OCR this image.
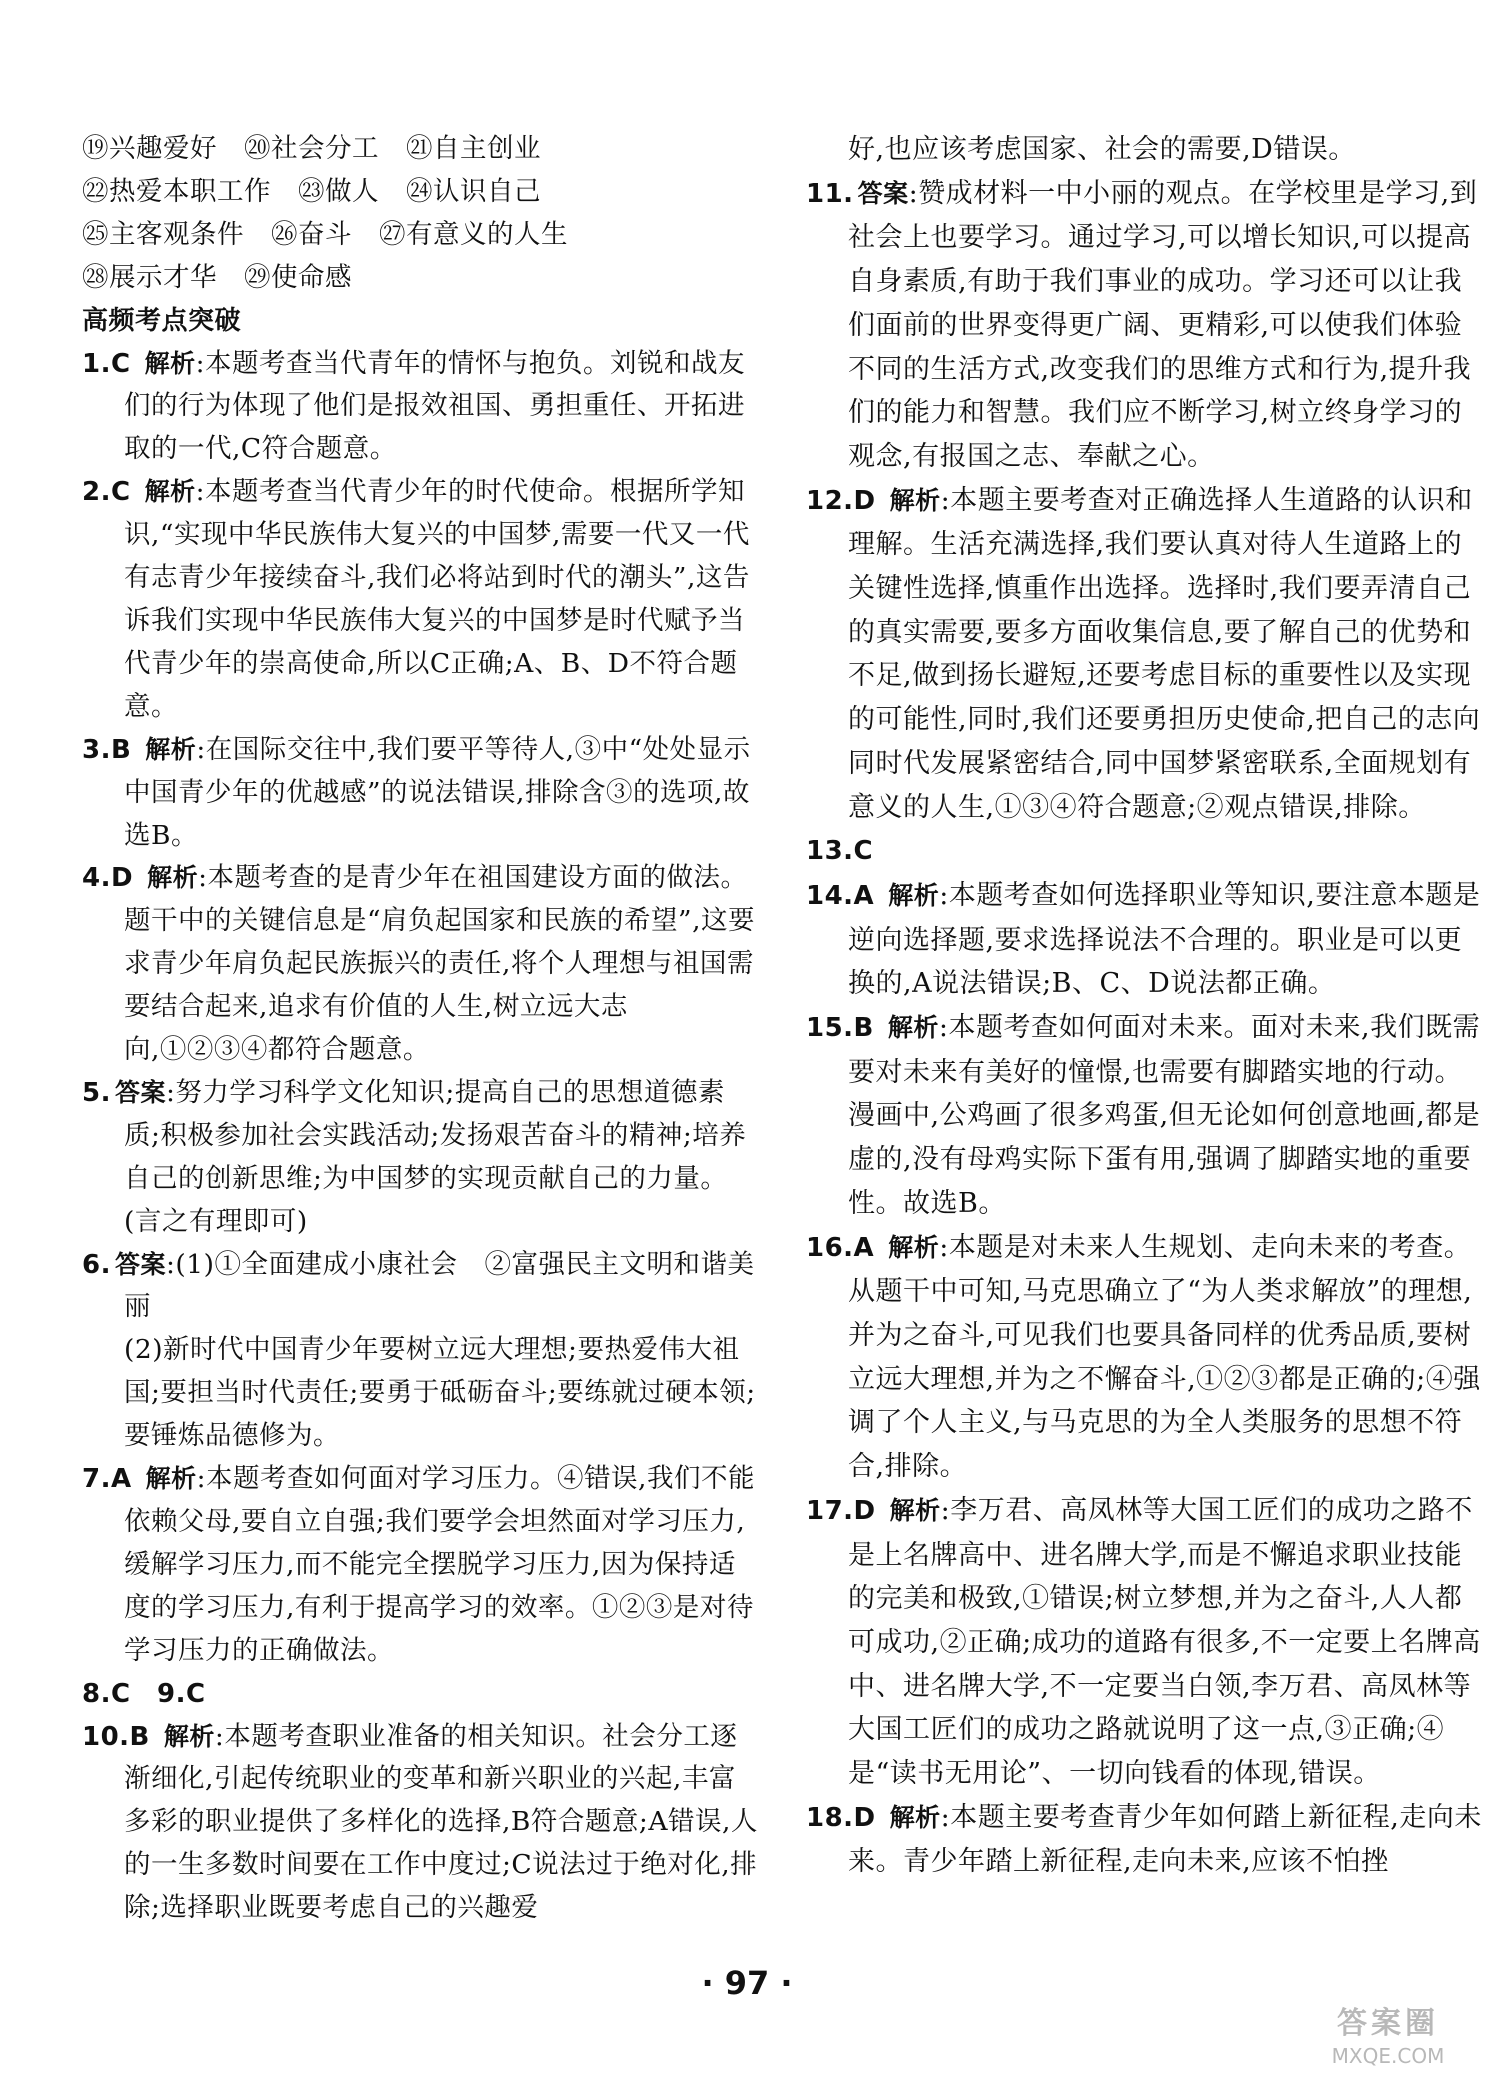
⑲兴趣爱好　⑳社会分工　㉑自主创业
㉒热爱本职工作　㉓做人　㉔认识自己
㉕主客观条件　㉖奋斗　㉗有意义的人生
㉘展示才华　㉙使命感
高频考点突破

1.C 解析:本题考查当代青年的情怀与抱负。刘锐和战友们的行为体现了他们是报效祖国、勇担重任、开拓进取的一代,C符合题意。

2.C 解析:本题考查当代青少年的时代使命。根据所学知识,“实现中华民族伟大复兴的中国梦,需要一代又一代有志青少年接续奋斗,我们必将站到时代的潮头”,这告诉我们实现中华民族伟大复兴的中国梦是时代赋予当代青少年的崇高使命,所以C正确;A、B、D不符合题意。

3.B 解析:在国际交往中,我们要平等待人,③中“处处显示中国青少年的优越感”的说法错误,排除含③的选项,故选B。

4.D 解析:本题考查的是青少年在祖国建设方面的做法。题干中的关键信息是“肩负起国家和民族的希望”,这要求青少年肩负起民族振兴的责任,将个人理想与祖国需要结合起来,追求有价值的人生,树立远大志向,①②③④都符合题意。

5. 答案:努力学习科学文化知识;提高自己的思想道德素质;积极参加社会实践活动;发扬艰苦奋斗的精神;培养自己的创新思维;为中国梦的实现贡献自己的力量。(言之有理即可)

6. 答案:(1)①全面建成小康社会　②富强民主文明和谐美丽

(2)新时代中国青少年要树立远大理想;要热爱伟大祖国;要担当时代责任;要勇于砥砺奋斗;要练就过硬本领;要锤炼品德修为。

7.A 解析:本题考查如何面对学习压力。④错误,我们不能依赖父母,要自立自强;我们要学会坦然面对学习压力,缓解学习压力,而不能完全摆脱学习压力,因为保持适度的学习压力,有利于提高学习的效率。①②③是对待学习压力的正确做法。

8.C　9.C

10.B 解析:本题考查职业准备的相关知识。社会分工逐渐细化,引起传统职业的变革和新兴职业的兴起,丰富多彩的职业提供了多样化的选择,B符合题意;A错误,人的一生多数时间要在工作中度过;C说法过于绝对化,排除;选择职业既要考虑自己的兴趣爱

好,也应该考虑国家、社会的需要,D错误。

11. 答案:赞成材料一中小丽的观点。在学校里是学习,到社会上也要学习。通过学习,可以增长知识,可以提高自身素质,有助于我们事业的成功。学习还可以让我们面前的世界变得更广阔、更精彩,可以使我们体验不同的生活方式,改变我们的思维方式和行为,提升我们的能力和智慧。我们应不断学习,树立终身学习的观念,有报国之志、奉献之心。

12.D 解析:本题主要考查对正确选择人生道路的认识和理解。生活充满选择,我们要认真对待人生道路上的关键性选择,慎重作出选择。选择时,我们要弄清自己的真实需要,要多方面收集信息,要了解自己的优势和不足,做到扬长避短,还要考虑目标的重要性以及实现的可能性,同时,我们还要勇担历史使命,把自己的志向同时代发展紧密结合,同中国梦紧密联系,全面规划有意义的人生,①③④符合题意;②观点错误,排除。

13.C

14.A 解析:本题考查如何选择职业等知识,要注意本题是逆向选择题,要求选择说法不合理的。职业是可以更换的,A说法错误;B、C、D说法都正确。

15.B 解析:本题考查如何面对未来。面对未来,我们既需要对未来有美好的憧憬,也需要有脚踏实地的行动。漫画中,公鸡画了很多鸡蛋,但无论如何创意地画,都是虚的,没有母鸡实际下蛋有用,强调了脚踏实地的重要性。故选B。

16.A 解析:本题是对未来人生规划、走向未来的考查。从题干中可知,马克思确立了“为人类求解放”的理想,并为之奋斗,可见我们也要具备同样的优秀品质,要树立远大理想,并为之不懈奋斗,①②③都是正确的;④强调了个人主义,与马克思的为全人类服务的思想不符合,排除。

17.D 解析:李万君、高凤林等大国工匠们的成功之路不是上名牌高中、进名牌大学,而是不懈追求职业技能的完美和极致,①错误;树立梦想,并为之奋斗,人人都可成功,②正确;成功的道路有很多,不一定要上名牌高中、进名牌大学,不一定要当白领,李万君、高凤林等大国工匠们的成功之路就说明了这一点,③正确;④是“读书无用论”、一切向钱看的体现,错误。

18.D 解析:本题主要考查青少年如何踏上新征程,走向未来。青少年踏上新征程,走向未来,应该不怕挫

· 97 ·
答案圈
MXQE.COM
